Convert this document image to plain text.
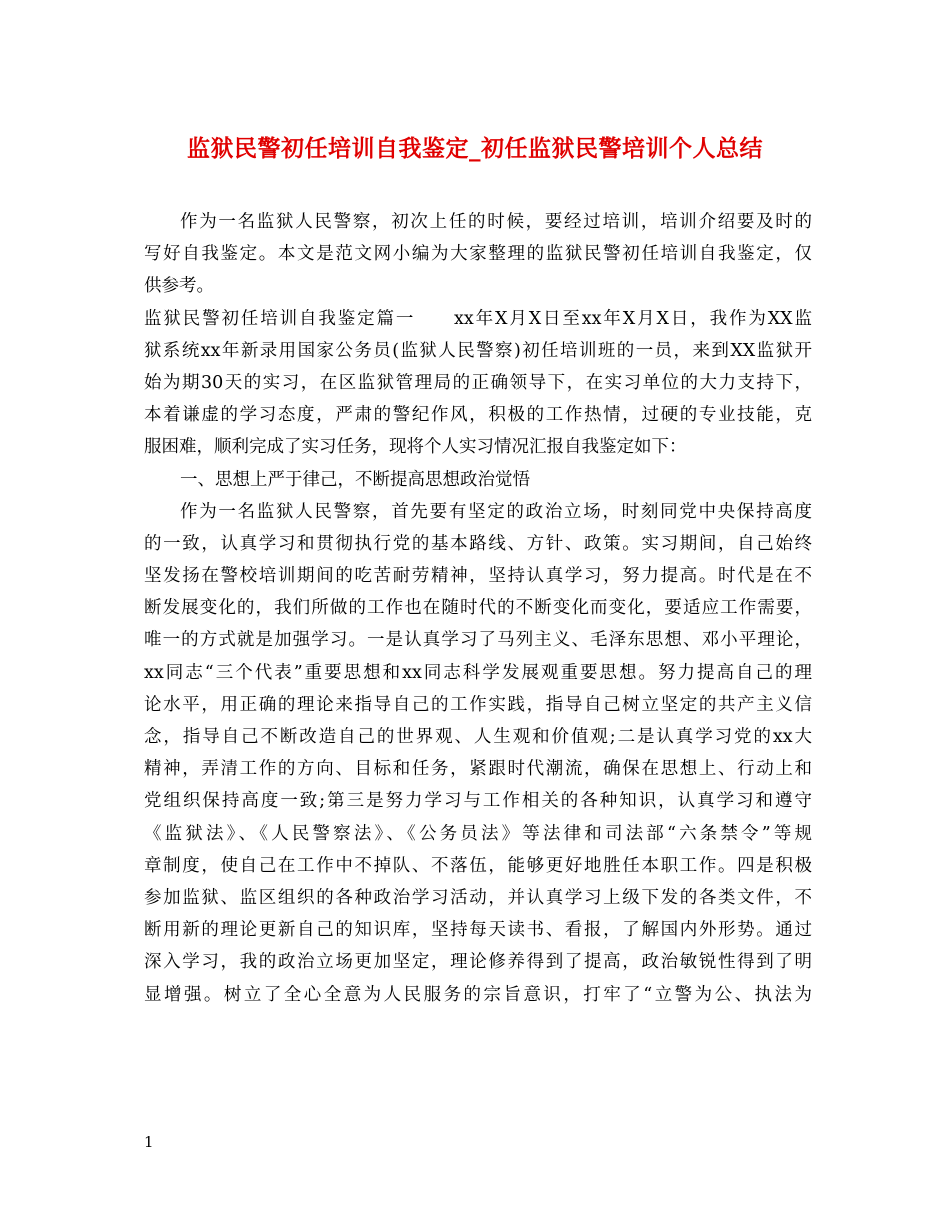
监狱民警初任培训自我鉴定_初任监狱民警培训个人总结
作为一名监狱人民警察，初次上任的时候，要经过培训，培训介绍要及时的
写好自我鉴定。本文是范文网小编为大家整理的监狱民警初任培训自我鉴定，仅
供参考。
监狱民警初任培训自我鉴定篇一　　xx年X月X日至xx年X月X日，我作为XX监
狱系统xx年新录用国家公务员(监狱人民警察)初任培训班的一员，来到XX监狱开
始为期30天的实习，在区监狱管理局的正确领导下，在实习单位的大力支持下，
本着谦虚的学习态度，严肃的警纪作风，积极的工作热情，过硬的专业技能，克
服困难，顺利完成了实习任务，现将个人实习情况汇报自我鉴定如下：
一、思想上严于律己，不断提高思想政治觉悟
作为一名监狱人民警察，首先要有坚定的政治立场，时刻同党中央保持高度
的一致，认真学习和贯彻执行党的基本路线、方针、政策。实习期间，自己始终
坚发扬在警校培训期间的吃苦耐劳精神，坚持认真学习，努力提高。时代是在不
断发展变化的，我们所做的工作也在随时代的不断变化而变化，要适应工作需要，
唯一的方式就是加强学习。一是认真学习了马列主义、毛泽东思想、邓小平理论，
xx同志“三个代表”重要思想和xx同志科学发展观重要思想。努力提高自己的理
论水平，用正确的理论来指导自己的工作实践，指导自己树立坚定的共产主义信
念，指导自己不断改造自己的世界观、人生观和价值观;二是认真学习党的xx大
精神，弄清工作的方向、目标和任务，紧跟时代潮流，确保在思想上、行动上和
党组织保持高度一致;第三是努力学习与工作相关的各种知识，认真学习和遵守
《监狱法》、《人民警察法》、《公务员法》等法律和司法部“六条禁令”等规
章制度，使自己在工作中不掉队、不落伍，能够更好地胜任本职工作。四是积极
参加监狱、监区组织的各种政治学习活动，并认真学习上级下发的各类文件，不
断用新的理论更新自己的知识库，坚持每天读书、看报，了解国内外形势。通过
深入学习，我的政治立场更加坚定，理论修养得到了提高，政治敏锐性得到了明
显增强。树立了全心全意为人民服务的宗旨意识，打牢了“立警为公、执法为
1
